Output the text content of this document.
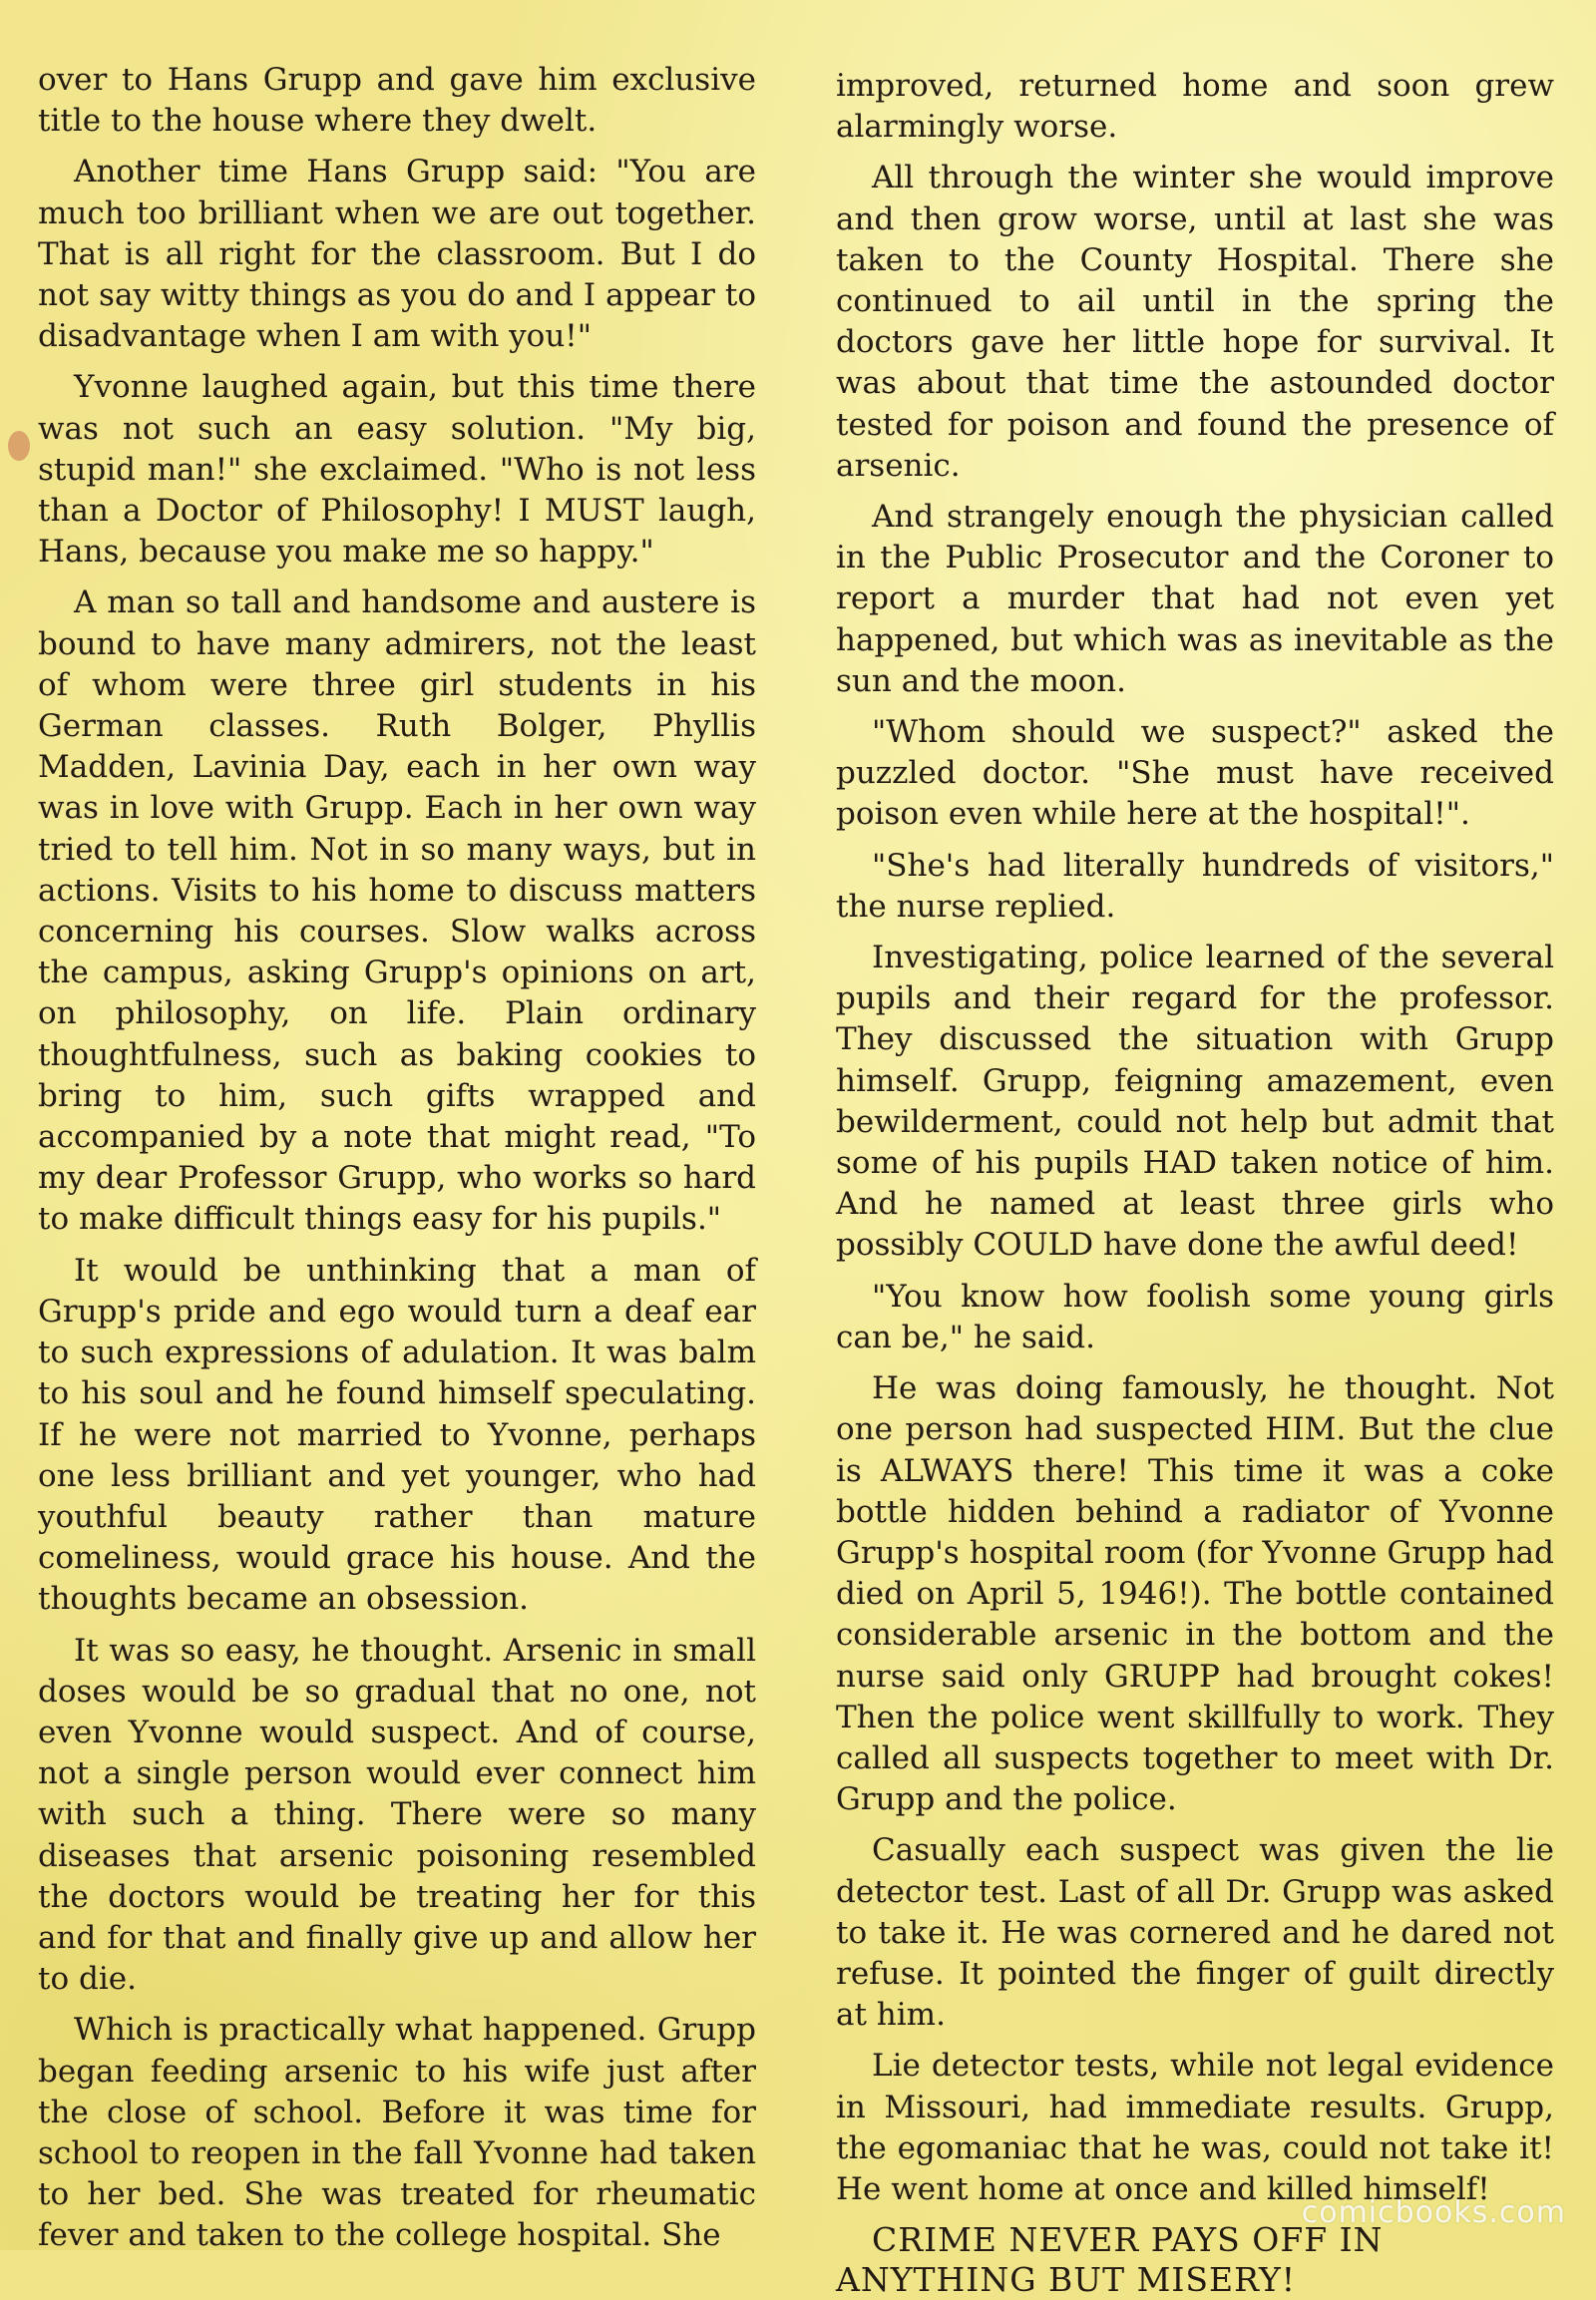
over to Hans Grupp and gave him exclusive title to the house where they dwelt.

Another time Hans Grupp said: "You are much too brilliant when we are out together. That is all right for the classroom. But I do not say witty things as you do and I appear to disadvantage when I am with you!"

Yvonne laughed again, but this time there was not such an easy solution. "My big, stupid man!" she exclaimed. "Who is not less than a Doctor of Philosophy! I MUST laugh, Hans, because you make me so happy."

A man so tall and handsome and austere is bound to have many admirers, not the least of whom were three girl students in his German classes. Ruth Bolger, Phyllis Madden, Lavinia Day, each in her own way was in love with Grupp. Each in her own way tried to tell him. Not in so many ways, but in actions. Visits to his home to discuss matters concerning his courses. Slow walks across the campus, asking Grupp's opinions on art, on philosophy, on life. Plain ordinary thoughtfulness, such as baking cookies to bring to him, such gifts wrapped and accompanied by a note that might read, "To my dear Professor Grupp, who works so hard to make difficult things easy for his pupils."

It would be unthinking that a man of Grupp's pride and ego would turn a deaf ear to such expressions of adulation. It was balm to his soul and he found himself speculating. If he were not married to Yvonne, perhaps one less brilliant and yet younger, who had youthful beauty rather than mature comeliness, would grace his house. And the thoughts became an obsession.

It was so easy, he thought. Arsenic in small doses would be so gradual that no one, not even Yvonne would suspect. And of course, not a single person would ever connect him with such a thing. There were so many diseases that arsenic poisoning resembled the doctors would be treating her for this and for that and finally give up and allow her to die.

Which is practically what happened. Grupp began feeding arsenic to his wife just after the close of school. Before it was time for school to reopen in the fall Yvonne had taken to her bed. She was treated for rheumatic fever and taken to the college hospital. She

improved, returned home and soon grew alarmingly worse.

All through the winter she would improve and then grow worse, until at last she was taken to the County Hospital. There she continued to ail until in the spring the doctors gave her little hope for survival. It was about that time the astounded doctor tested for poison and found the presence of arsenic.

And strangely enough the physician called in the Public Prosecutor and the Coroner to report a murder that had not even yet happened, but which was as inevitable as the sun and the moon.

"Whom should we suspect?" asked the puzzled doctor. "She must have received poison even while here at the hospital!".

"She's had literally hundreds of visitors," the nurse replied.

Investigating, police learned of the several pupils and their regard for the professor. They discussed the situation with Grupp himself. Grupp, feigning amazement, even bewilderment, could not help but admit that some of his pupils HAD taken notice of him. And he named at least three girls who possibly COULD have done the awful deed!

"You know how foolish some young girls can be," he said.

He was doing famously, he thought. Not one person had suspected HIM. But the clue is ALWAYS there! This time it was a coke bottle hidden behind a radiator of Yvonne Grupp's hospital room (for Yvonne Grupp had died on April 5, 1946!). The bottle contained considerable arsenic in the bottom and the nurse said only GRUPP had brought cokes! Then the police went skillfully to work. They called all suspects together to meet with Dr. Grupp and the police.

Casually each suspect was given the lie detector test. Last of all Dr. Grupp was asked to take it. He was cornered and he dared not refuse. It pointed the finger of guilt directly at him.

Lie detector tests, while not legal evidence in Missouri, had immediate results. Grupp, the egomaniac that he was, could not take it! He went home at once and killed himself!

CRIME NEVER PAYS OFF IN ANYTHING BUT MISERY!

comicbooks.com
